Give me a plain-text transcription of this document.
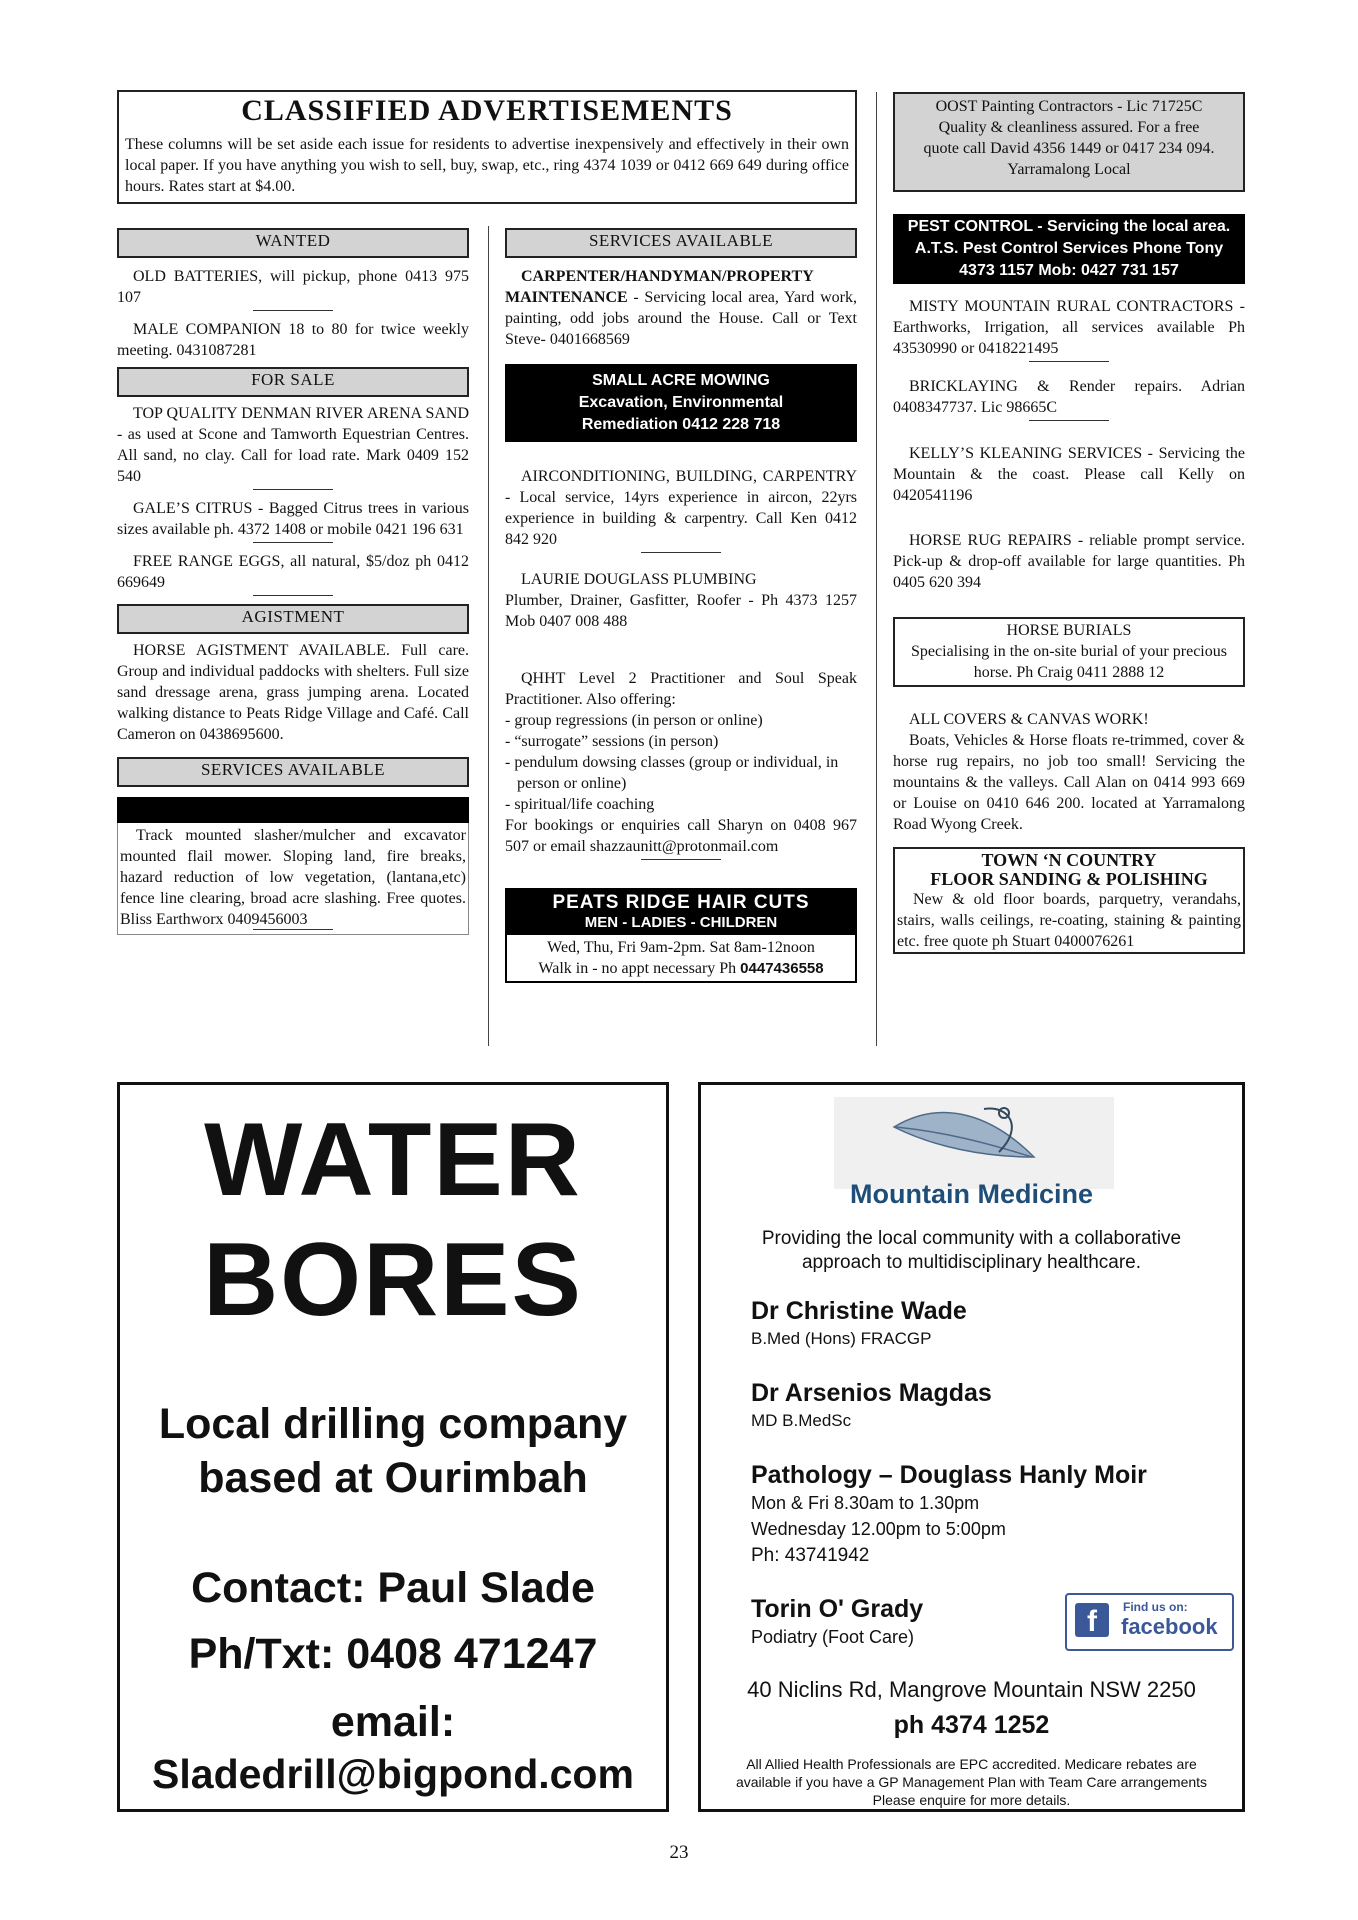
CLASSIFIED ADVERTISEMENTS
These columns will be set aside each issue for residents to advertise inexpensively and effectively in their own local paper. If you have anything you wish to sell, buy, swap, etc., ring 4374 1039 or 0412 669 649 during office hours. Rates start at $4.00.
WANTED
OLD BATTERIES, will pickup, phone 0413 975 107
MALE COMPANION 18 to 80 for twice weekly meeting. 0431087281
FOR SALE
TOP QUALITY DENMAN RIVER ARENA SAND - as used at Scone and Tamworth Equestrian Centres. All sand, no clay. Call for load rate. Mark 0409 152 540
GALE’S CITRUS - Bagged Citrus trees in various sizes available ph. 4372 1408 or mobile 0421 196 631
FREE RANGE EGGS, all natural, $5/doz ph 0412 669649
AGISTMENT
HORSE AGISTMENT AVAILABLE. Full care. Group and individual paddocks with shelters. Full size sand dressage arena, grass jumping arena. Located walking distance to Peats Ridge Village and Café. Call Cameron on 0438695600.
SERVICES AVAILABLE
Track mounted slasher/mulcher and excavator mounted flail mower. Sloping land, fire breaks, hazard reduction of low vegetation, (lantana,etc) fence line clearing, broad acre slashing. Free quotes. Bliss Earthworx 0409456003
SERVICES AVAILABLE
CARPENTER/HANDYMAN/PROPERTY MAINTENANCE - Servicing local area, Yard work, painting, odd jobs around the House. Call or Text Steve- 0401668569
SMALL ACRE MOWING
Excavation, Environmental
Remediation 0412 228 718
AIRCONDITIONING, BUILDING, CARPENTRY - Local service, 14yrs experience in aircon, 22yrs experience in building & carpentry. Call Ken 0412 842 920
LAURIE DOUGLASS PLUMBING
Plumber, Drainer, Gasfitter, Roofer - Ph 4373 1257 Mob 0407 008 488
QHHT Level 2 Practitioner and Soul Speak Practitioner. Also offering:
- group regressions (in person or online)
- “surrogate” sessions (in person)
- pendulum dowsing classes (group or individual, in person or online)
- spiritual/life coaching
For bookings or enquiries call Sharyn on 0408 967 507 or email shazzaunitt@protonmail.com
PEATS RIDGE HAIR CUTS
MEN - LADIES - CHILDREN
Wed, Thu, Fri 9am-2pm. Sat 8am-12noon
Walk in - no appt necessary Ph 0447436558
OOST Painting Contractors - Lic 71725C Quality & cleanliness assured. For a free quote call David 4356 1449 or 0417 234 094. Yarramalong Local
PEST CONTROL - Servicing the local area. A.T.S. Pest Control Services Phone Tony 4373 1157 Mob: 0427 731 157
MISTY MOUNTAIN RURAL CONTRACTORS - Earthworks, Irrigation, all services available Ph 43530990 or 0418221495
BRICKLAYING & Render repairs. Adrian 0408347737. Lic 98665C
KELLY’S KLEANING SERVICES - Servicing the Mountain & the coast. Please call Kelly on 0420541196
HORSE RUG REPAIRS - reliable prompt service. Pick-up & drop-off available for large quantities. Ph 0405 620 394
HORSE BURIALS
Specialising in the on-site burial of your precious horse. Ph Craig 0411 2888 12
ALL COVERS & CANVAS WORK!
Boats, Vehicles & Horse floats re-trimmed, cover & horse rug repairs, no job too small! Servicing the mountains & the valleys. Call Alan on 0414 993 669 or Louise on 0410 646 200. located at Yarramalong Road Wyong Creek.
TOWN ‘N COUNTRY
FLOOR SANDING & POLISHING
New & old floor boards, parquetry, verandahs, stairs, walls ceilings, re-coating, staining & painting etc. free quote ph Stuart 0400076261
WATER
BORES
Local drilling company
based at Ourimbah
Contact: Paul Slade
Ph/Txt: 0408 471247
email:
Sladedrill@bigpond.com
Mountain Medicine
Providing the local community with a collaborative
approach to multidisciplinary healthcare.
Dr Christine Wade
B.Med (Hons) FRACGP
Dr Arsenios Magdas
MD B.MedSc
Pathology – Douglass Hanly Moir
Mon & Fri 8.30am to 1.30pm
Wednesday 12.00pm to 5:00pm
Ph: 43741942
Torin O' Grady
Podiatry (Foot Care)	f	Find us on:
facebook
40 Niclins Rd, Mangrove Mountain NSW 2250
ph 4374 1252
All Allied Health Professionals are EPC accredited. Medicare rebates are available if you have a GP Management Plan with Team Care arrangements Please enquire for more details.
23
